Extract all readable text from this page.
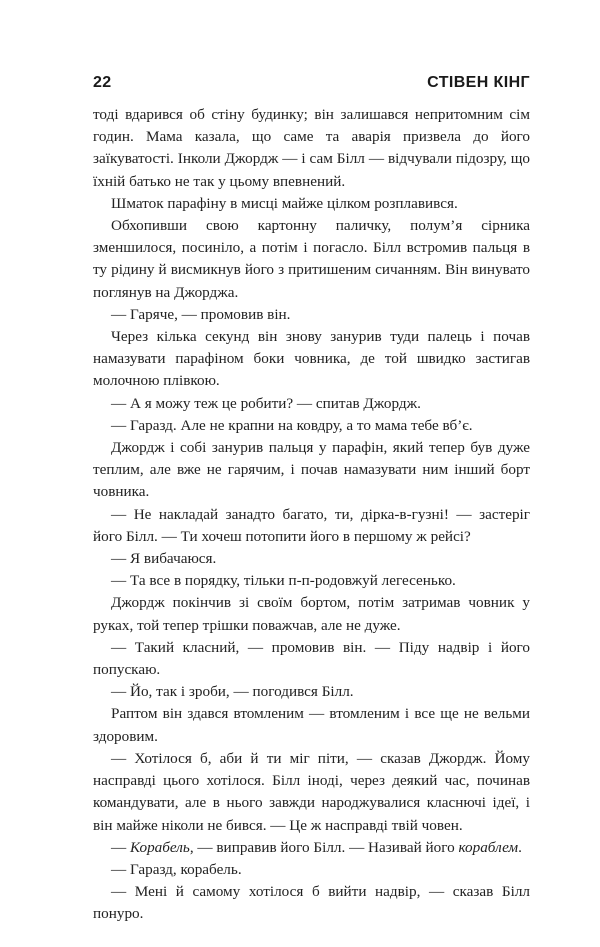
22	СТІВЕН КІНГ

тоді вдарився об стіну будинку; він залишався непритомним сім годин. Мама казала, що саме та аварія призвела до його заїкуватості. Інколи Джордж — і сам Білл — відчували підозру, що їхній батько не так у цьому впевнений.

Шматок парафіну в мисці майже цілком розплавився.

Обхопивши свою картонну паличку, полум’я сірника зменшилося, посиніло, а потім і погасло. Білл встромив пальця в ту рідину й висмикнув його з притишеним сичанням. Він винувато поглянув на Джорджа.

— Гаряче, — промовив він.

Через кілька секунд він знову занурив туди палець і почав намазувати парафіном боки човника, де той швидко застигав молочною плівкою.

— А я можу теж це робити? — спитав Джордж.

— Гаразд. Але не крапни на ковдру, а то мама тебе вб’є.

Джордж і собі занурив пальця у парафін, який тепер був дуже теплим, але вже не гарячим, і почав намазувати ним інший борт човника.

— Не накладай занадто багато, ти, дірка-в-гузні! — застеріг його Білл. — Ти хочеш потопити його в першому ж рейсі?

— Я вибачаюся.

— Та все в порядку, тільки п-п-родовжуй легесенько.

Джордж покінчив зі своїм бортом, потім затримав човник у руках, той тепер трішки поважчав, але не дуже.

— Такий класний, — промовив він. — Піду надвір і його попускаю.

— Йо, так і зроби, — погодився Білл.

Раптом він здався втомленим — втомленим і все ще не вельми здоровим.

— Хотілося б, аби й ти міг піти, — сказав Джордж. Йому насправді цього хотілося. Білл іноді, через деякий час, починав командувати, але в нього завжди народжувалися класнючі ідеї, і він майже ніколи не бився. — Це ж насправді твій човен.

— Корабель, — виправив його Білл. — Називай його кораблем.

— Гаразд, корабель.

— Мені й самому хотілося б вийти надвір, — сказав Білл понуро.
